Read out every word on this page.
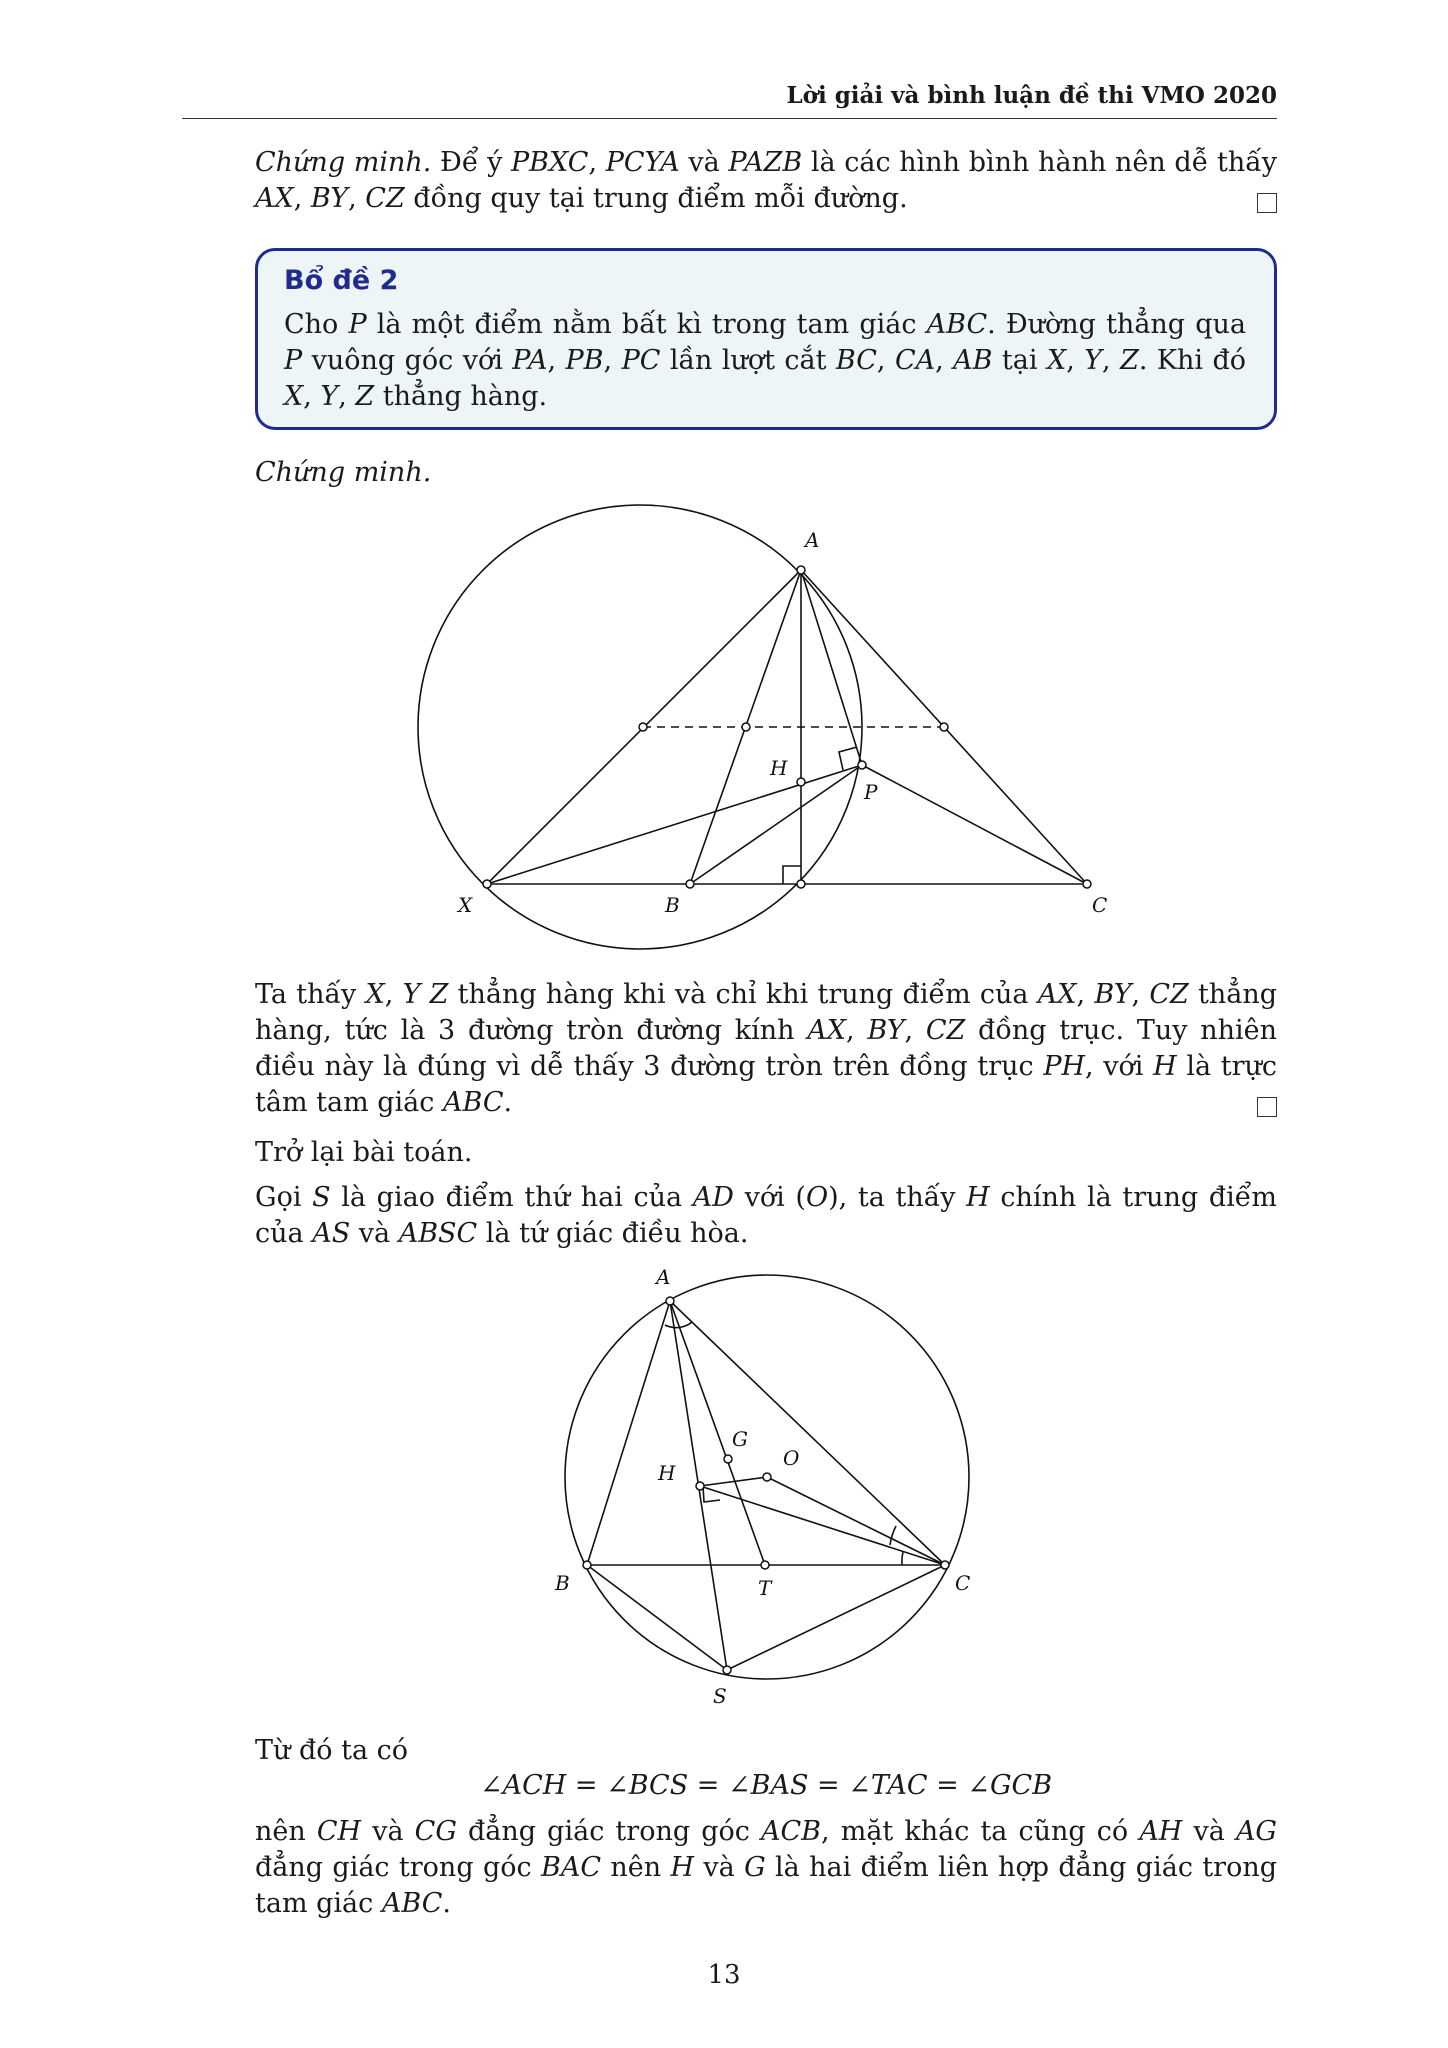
Lời giải và bình luận đề thi VMO 2020

Chứng minh. Để ý PBXC, PCYA và PAZB là các hình bình hành nên dễ thấy AX, BY, CZ đồng quy tại trung điểm mỗi đường.

Bổ đề 2
Cho P là một điểm nằm bất kì trong tam giác ABC. Đường thẳng qua P vuông góc với PA, PB, PC lần lượt cắt BC, CA, AB tại X, Y, Z. Khi đó X, Y, Z thẳng hàng.

Chứng minh.

A
H
P
X	B	C

Ta thấy X, Y Z thẳng hàng khi và chỉ khi trung điểm của AX, BY, CZ thẳng hàng, tức là 3 đường tròn đường kính AX, BY, CZ đồng trục. Tuy nhiên điều này là đúng vì dễ thấy 3 đường tròn trên đồng trục PH, với H là trực tâm tam giác ABC.

Trở lại bài toán.

Gọi S là giao điểm thứ hai của AD với (O), ta thấy H chính là trung điểm của AS và ABSC là tứ giác điều hòa.

A
G
O
H
B	T	C
S

Từ đó ta có

∠ACH = ∠BCS = ∠BAS = ∠TAC = ∠GCB

nên CH và CG đẳng giác trong góc ACB, mặt khác ta cũng có AH và AG đẳng giác trong góc BAC nên H và G là hai điểm liên hợp đẳng giác trong tam giác ABC.

13
